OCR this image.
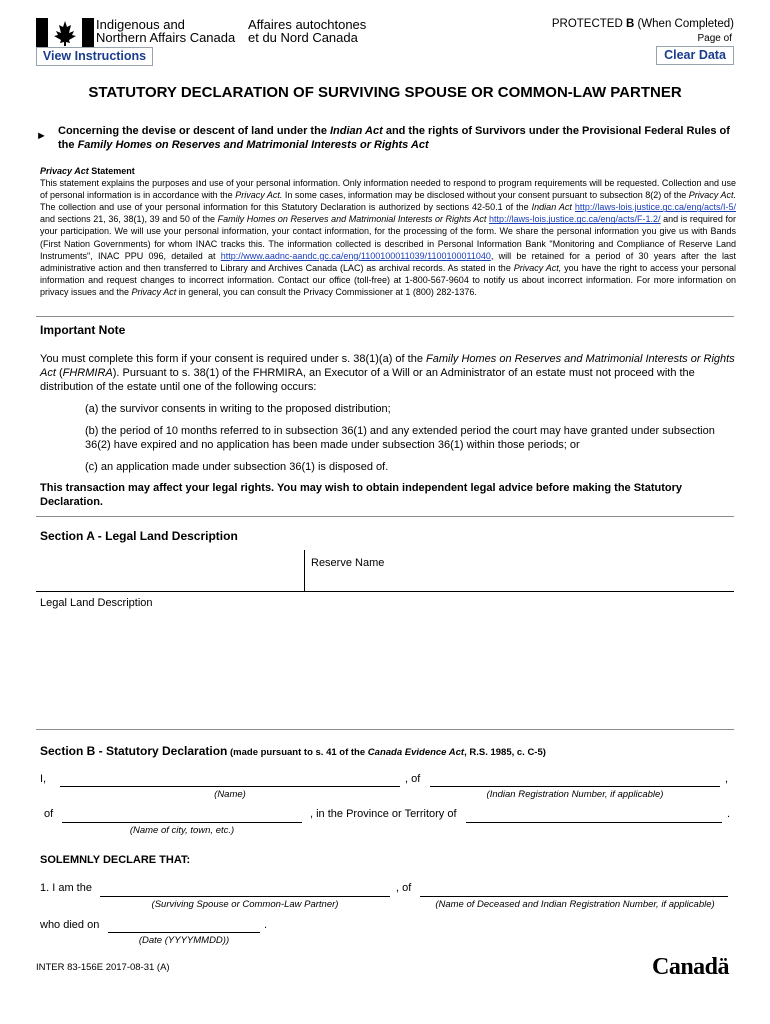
Indigenous and
Northern Affairs Canada
Affaires autochtones
et du Nord Canada
PROTECTED B (When Completed)
Page of
View Instructions	Clear Data
STATUTORY DECLARATION OF SURVIVING SPOUSE OR COMMON-LAW PARTNER
► Concerning the devise or descent of land under the Indian Act and the rights of Survivors under the Provisional Federal Rules of the Family Homes on Reserves and Matrimonial Interests or Rights Act
Privacy Act Statement
This statement explains the purposes and use of your personal information. Only information needed to respond to program requirements will be requested. Collection and use of personal information is in accordance with the Privacy Act. In some cases, information may be disclosed without your consent pursuant to subsection 8(2) of the Privacy Act. The collection and use of your personal information for this Statutory Declaration is authorized by sections 42-50.1 of the Indian Act http://laws-lois.justice.gc.ca/eng/acts/I-5/ and sections 21, 36, 38(1), 39 and 50 of the Family Homes on Reserves and Matrimonial Interests or Rights Act http://laws-lois.justice.gc.ca/eng/acts/F-1.2/ and is required for your participation. We will use your personal information, your contact information, for the processing of the form. We share the personal information you give us with Bands (First Nation Governments) for whom INAC tracks this. The information collected is described in Personal Information Bank "Monitoring and Compliance of Reserve Land Instruments", INAC PPU 096, detailed at http://www.aadnc-aandc.gc.ca/eng/1100100011039/1100100011040, will be retained for a period of 30 years after the last administrative action and then transferred to Library and Archives Canada (LAC) as archival records. As stated in the Privacy Act, you have the right to access your personal information and request changes to incorrect information. Contact our office (toll-free) at 1-800-567-9604 to notify us about incorrect information. For more information on privacy issues and the Privacy Act in general, you can consult the Privacy Commissioner at 1 (800) 282-1376.
Important Note
You must complete this form if your consent is required under s. 38(1)(a) of the Family Homes on Reserves and Matrimonial Interests or Rights Act (FHRMIRA). Pursuant to s. 38(1) of the FHRMIRA, an Executor of a Will or an Administrator of an estate must not proceed with the distribution of the estate until one of the following occurs:
(a) the survivor consents in writing to the proposed distribution;
(b) the period of 10 months referred to in subsection 36(1) and any extended period the court may have granted under subsection 36(2) have expired and no application has been made under subsection 36(1) within those periods; or
(c) an application made under subsection 36(1) is disposed of.
This transaction may affect your legal rights. You may wish to obtain independent legal advice before making the Statutory Declaration.
Section A - Legal Land Description
Reserve Name
Legal Land Description
Section B - Statutory Declaration (made pursuant to s. 41 of the Canada Evidence Act, R.S. 1985, c. C-5)
I,	, of	,
(Name)	(Indian Registration Number, if applicable)
of	, in the Province or Territory of	.
(Name of city, town, etc.)
SOLEMNLY DECLARE THAT:
1. I am the	, of
(Surviving Spouse or Common-Law Partner)	(Name of Deceased and Indian Registration Number, if applicable)
who died on	.
(Date (YYYYMMDD))
INTER 83-156E 2017-08-31 (A)	Canadä
